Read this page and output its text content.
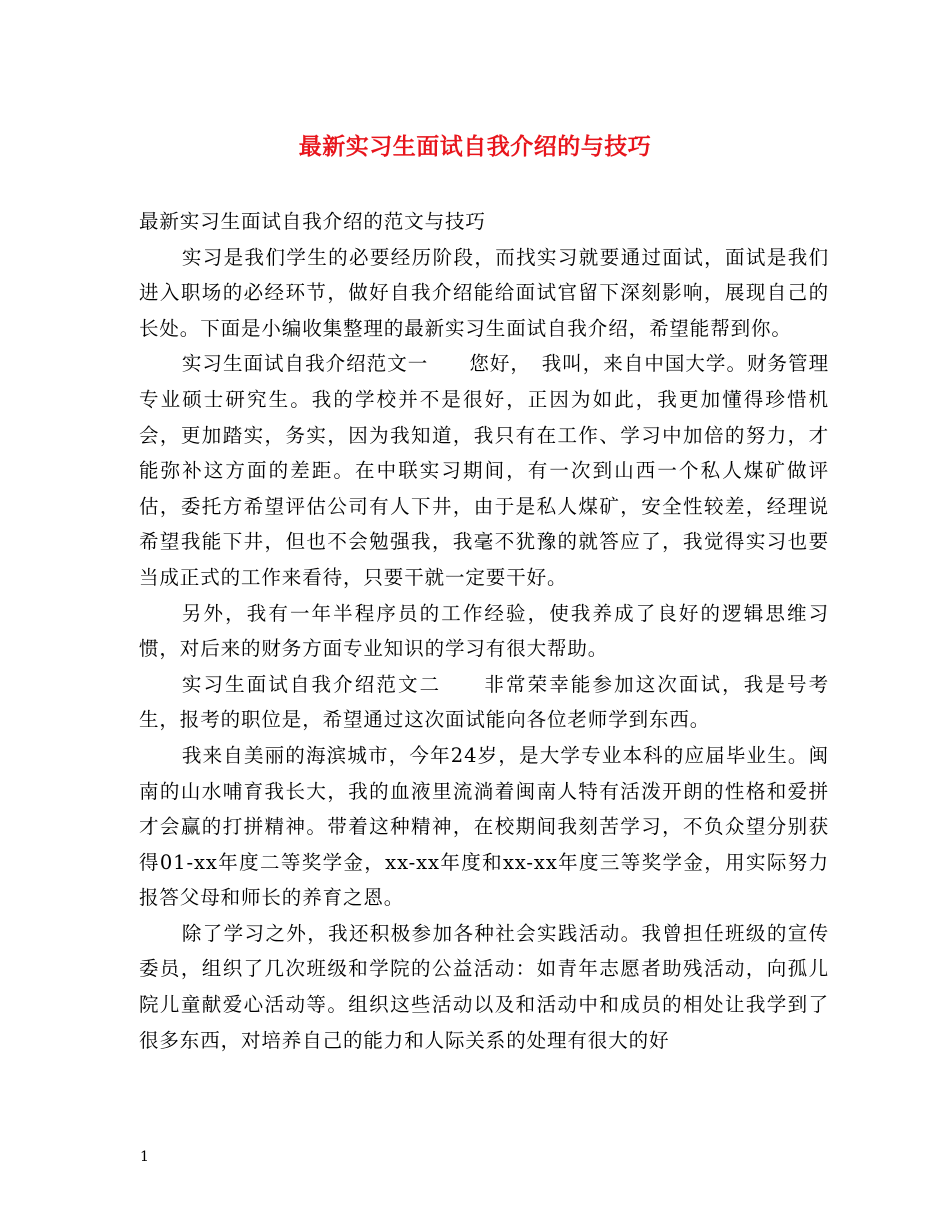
最新实习生面试自我介绍的与技巧

最新实习生面试自我介绍的范文与技巧

实习是我们学生的必要经历阶段，而找实习就要通过面试，面试是我们进入职场的必经环节，做好自我介绍能给面试官留下深刻影响，展现自己的长处。下面是小编收集整理的最新实习生面试自我介绍，希望能帮到你。

实习生面试自我介绍范文一　　您好，　我叫，来自中国大学。财务管理专业硕士研究生。我的学校并不是很好，正因为如此，我更加懂得珍惜机会，更加踏实，务实，因为我知道，我只有在工作、学习中加倍的努力，才能弥补这方面的差距。在中联实习期间，有一次到山西一个私人煤矿做评估，委托方希望评估公司有人下井，由于是私人煤矿，安全性较差，经理说希望我能下井，但也不会勉强我，我毫不犹豫的就答应了，我觉得实习也要当成正式的工作来看待，只要干就一定要干好。

另外，我有一年半程序员的工作经验，使我养成了良好的逻辑思维习惯，对后来的财务方面专业知识的学习有很大帮助。

实习生面试自我介绍范文二　　非常荣幸能参加这次面试，我是号考生，报考的职位是，希望通过这次面试能向各位老师学到东西。

我来自美丽的海滨城市，今年24岁，是大学专业本科的应届毕业生。闽南的山水哺育我长大，我的血液里流淌着闽南人特有活泼开朗的性格和爱拼才会赢的打拼精神。带着这种精神，在校期间我刻苦学习，不负众望分别获得01-xx年度二等奖学金，xx-xx年度和xx-xx年度三等奖学金，用实际努力报答父母和师长的养育之恩。

除了学习之外，我还积极参加各种社会实践活动。我曾担任班级的宣传委员，组织了几次班级和学院的公益活动：如青年志愿者助残活动，向孤儿院儿童献爱心活动等。组织这些活动以及和活动中和成员的相处让我学到了很多东西，对培养自己的能力和人际关系的处理有很大的好

1
